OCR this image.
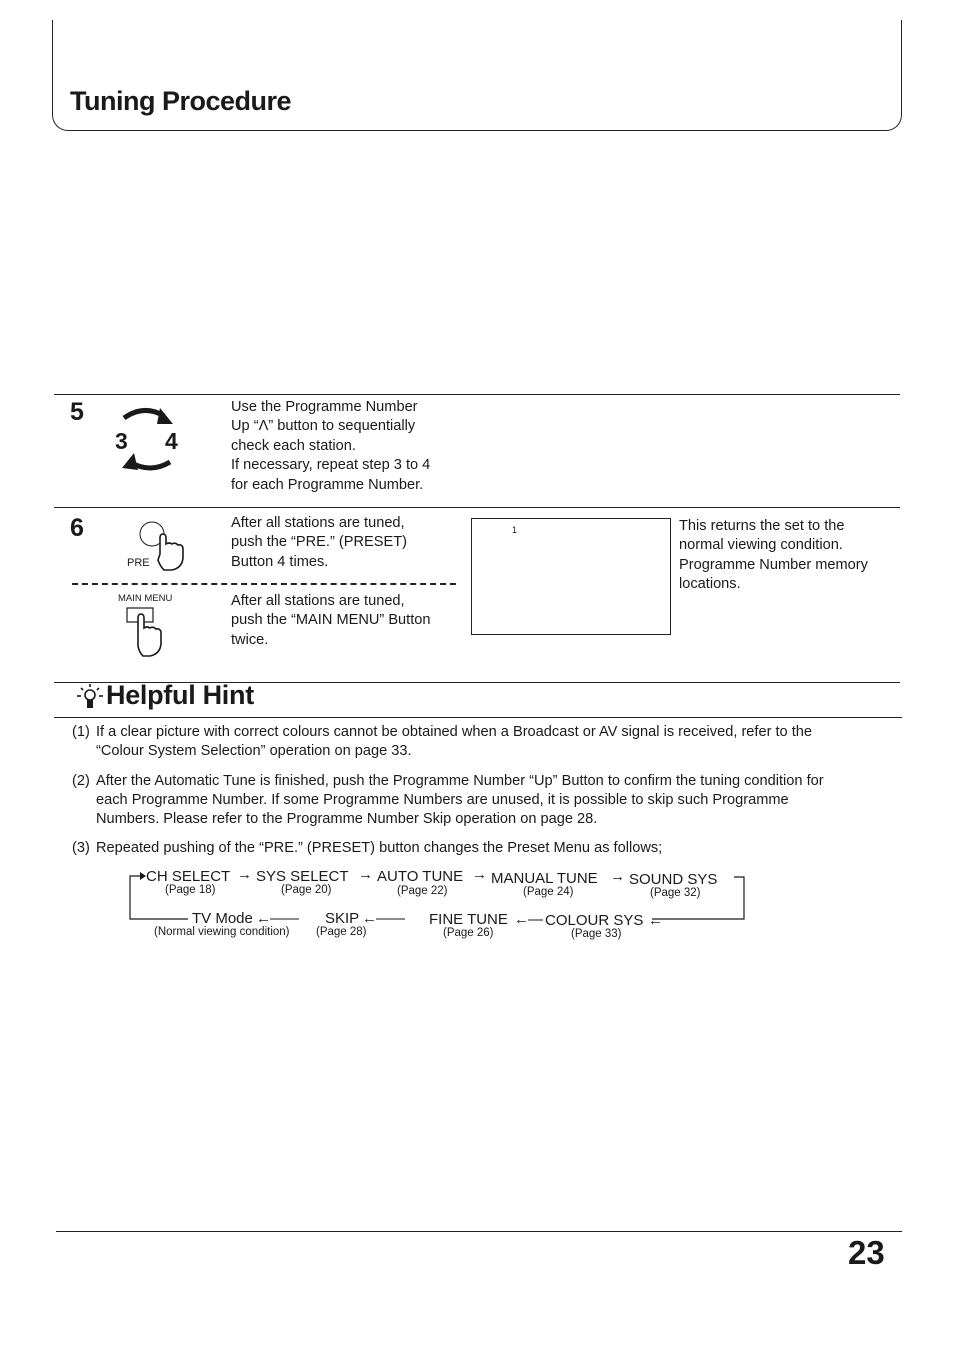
Tuning Procedure
5
3 4
Use the Programme Number
Up “Λ” button to sequentially
check each station.
If necessary, repeat step 3 to 4
for each Programme Number.
6
PRE
After all stations are tuned,
push the “PRE.” (PRESET)
Button 4 times.
MAIN MENU	After all stations are tuned,
push the “MAIN MENU” Button
twice.
1	This returns the set to the
normal viewing condition.
Programme Number memory
locations.
Helpful Hint
(1) If a clear picture with correct colours cannot be obtained when a Broadcast or AV signal is received, refer to the
“Colour System Selection” operation on page 33.
(2) After the Automatic Tune is finished, push the Programme Number “Up” Button to confirm the tuning condition for
each Programme Number. If some Programme Numbers are unused, it is possible to skip such Programme
Numbers. Please refer to the Programme Number Skip operation on page 28.
(3) Repeated pushing of the “PRE.” (PRESET) button changes the Preset Menu as follows;
CH SELECT
(Page 18)
→ SYS SELECT
(Page 20)
→ AUTO TUNE
(Page 22)
→ MANUAL TUNE
(Page 24)
→ SOUND SYS
(Page 32)
TV Mode
(Normal viewing condition)
←—— SKIP
(Page 28)
←—— FINE TUNE
(Page 26)
←— COLOUR SYS
(Page 33)
←
23
